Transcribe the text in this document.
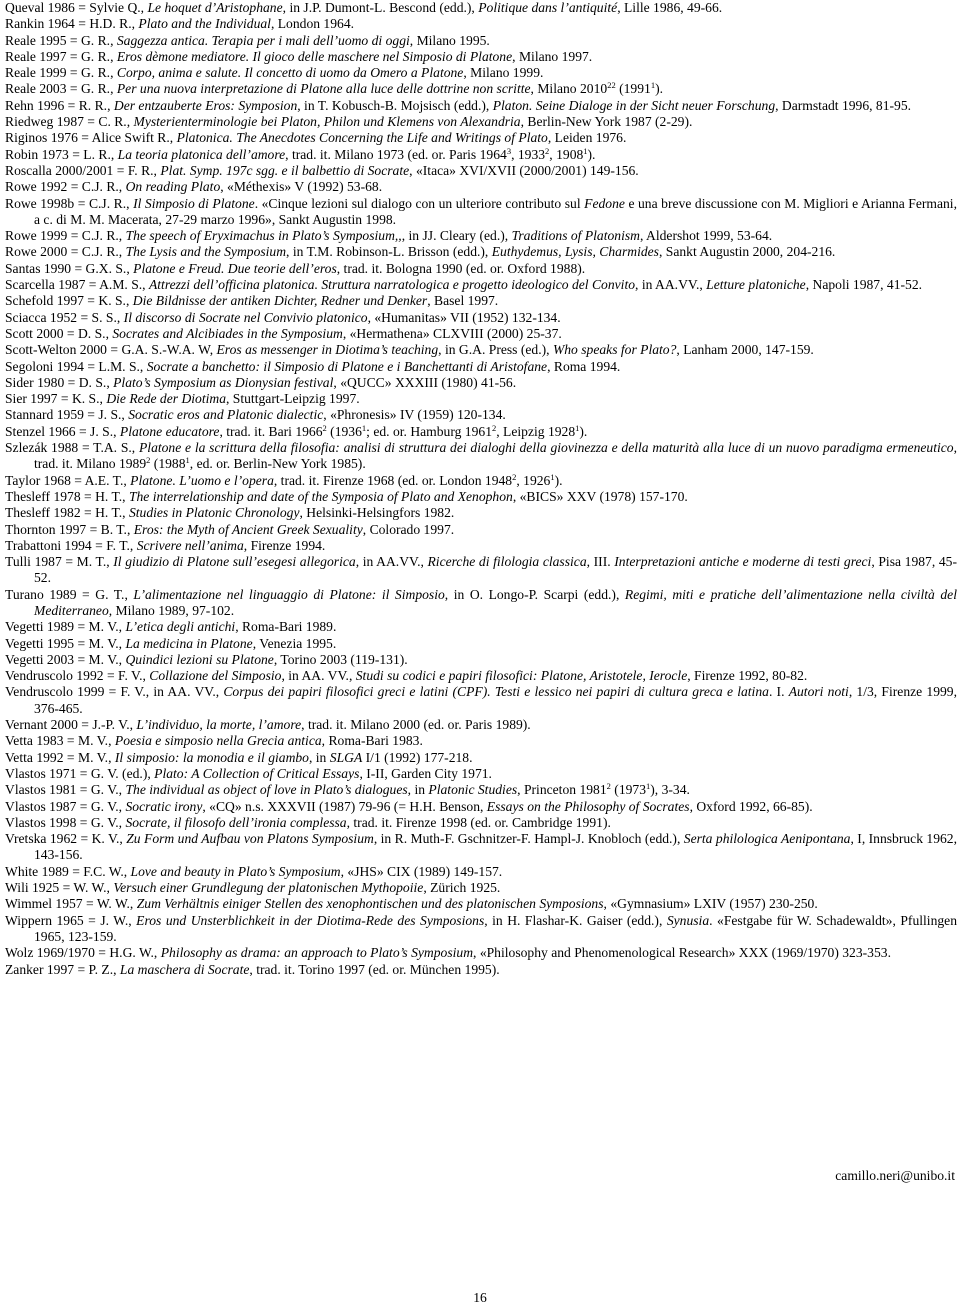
Queval 1986 = Sylvie Q., Le hoquet d’Aristophane, in J.P. Dumont-L. Bescond (edd.), Politique dans l’antiquité, Lille 1986, 49-66.

Rankin 1964 = H.D. R., Plato and the Individual, London 1964.

Reale 1995 = G. R., Saggezza antica. Terapia per i mali dell’uomo di oggi, Milano 1995.

Reale 1997 = G. R., Eros dèmone mediatore. Il gioco delle maschere nel Simposio di Platone, Milano 1997.

Reale 1999 = G. R., Corpo, anima e salute. Il concetto di uomo da Omero a Platone, Milano 1999.

Reale 2003 = G. R., Per una nuova interpretazione di Platone alla luce delle dottrine non scritte, Milano 2010$^{22}$ (1991$^1$).

Rehn 1996 = R. R., Der entzauberte Eros: Symposion, in T. Kobusch-B. Mojsisch (edd.), Platon. Seine Dialoge in der Sicht neuer Forschung, Darmstadt 1996, 81-95.

Riedweg 1987 = C. R., Mysterienterminologie bei Platon, Philon und Klemens von Alexandria, Berlin-New York 1987 (2-29).

Riginos 1976 = Alice Swift R., Platonica. The Anecdotes Concerning the Life and Writings of Plato, Leiden 1976.

Robin 1973 = L. R., La teoria platonica dell’amore, trad. it. Milano 1973 (ed. or. Paris 1964$^3$, 1933$^2$, 1908$^1$).

Roscalla 2000/2001 = F. R., Plat. Symp. 197c sgg. e il balbettio di Socrate, «Itaca» XVI/XVII (2000/2001) 149-156.

Rowe 1992 = C.J. R., On reading Plato, «Méthexis» V (1992) 53-68.

Rowe 1998b = C.J. R., Il Simposio di Platone. «Cinque lezioni sul dialogo con un ulteriore contributo sul Fedone e una breve discussione con M. Migliori e Arianna Fermani, a c. di M. M. Macerata, 27-29 marzo 1996», Sankt Augustin 1998.

Rowe 1999 = C.J. R., The speech of Eryximachus in Plato’s Symposium,,, in JJ. Cleary (ed.), Traditions of Platonism, Aldershot 1999, 53-64.

Rowe 2000 = C.J. R., The Lysis and the Symposium, in T.M. Robinson-L. Brisson (edd.), Euthydemus, Lysis, Charmides, Sankt Augustin 2000, 204-216.

Santas 1990 = G.X. S., Platone e Freud. Due teorie dell’eros, trad. it. Bologna 1990 (ed. or. Oxford 1988).

Scarcella 1987 = A.M. S., Attrezzi dell’officina platonica. Struttura narratologica e progetto ideologico del Convito, in AA.VV., Letture platoniche, Napoli 1987, 41-52.

Schefold 1997 = K. S., Die Bildnisse der antiken Dichter, Redner und Denker, Basel 1997.

Sciacca 1952 = S. S., Il discorso di Socrate nel Convivio platonico, «Humanitas» VII (1952) 132-134.

Scott 2000 = D. S., Socrates and Alcibiades in the Symposium, «Hermathena» CLXVIII (2000) 25-37.

Scott-Welton 2000 = G.A. S.-W.A. W, Eros as messenger in Diotima’s teaching, in G.A. Press (ed.), Who speaks for Plato?, Lanham 2000, 147-159.

Segoloni 1994 = L.M. S., Socrate a banchetto: il Simposio di Platone e i Banchettanti di Aristofane, Roma 1994.

Sider 1980 = D. S., Plato’s Symposium as Dionysian festival, «QUCC» XXXIII (1980) 41-56.

Sier 1997 = K. S., Die Rede der Diotima, Stuttgart-Leipzig 1997.

Stannard 1959 = J. S., Socratic eros and Platonic dialectic, «Phronesis» IV (1959) 120-134.

Stenzel 1966 = J. S., Platone educatore, trad. it. Bari 1966$^2$ (1936$^1$; ed. or. Hamburg 1961$^2$, Leipzig 1928$^1$).

Szlezák 1988 = T.A. S., Platone e la scrittura della filosofia: analisi di struttura dei dialoghi della giovinezza e della maturità alla luce di un nuovo paradigma ermeneutico, trad. it. Milano 1989$^2$ (1988$^1$, ed. or. Berlin-New York 1985).

Taylor 1968 = A.E. T., Platone. L’uomo e l’opera, trad. it. Firenze 1968 (ed. or. London 1948$^2$, 1926$^1$).

Thesleff 1978 = H. T., The interrelationship and date of the Symposia of Plato and Xenophon, «BICS» XXV (1978) 157-170.

Thesleff 1982 = H. T., Studies in Platonic Chronology, Helsinki-Helsingfors 1982.

Thornton 1997 = B. T., Eros: the Myth of Ancient Greek Sexuality, Colorado 1997.

Trabattoni 1994 = F. T., Scrivere nell’anima, Firenze 1994.

Tulli 1987 = M. T., Il giudizio di Platone sull’esegesi allegorica, in AA.VV., Ricerche di filologia classica, III. Interpretazioni antiche e moderne di testi greci, Pisa 1987, 45-52.

Turano 1989 = G. T., L’alimentazione nel linguaggio di Platone: il Simposio, in O. Longo-P. Scarpi (edd.), Regimi, miti e pratiche dell’alimentazione nella civiltà del Mediterraneo, Milano 1989, 97-102.

Vegetti 1989 = M. V., L’etica degli antichi, Roma-Bari 1989.

Vegetti 1995 = M. V., La medicina in Platone, Venezia 1995.

Vegetti 2003 = M. V., Quindici lezioni su Platone, Torino 2003 (119-131).

Vendruscolo 1992 = F. V., Collazione del Simposio, in AA. VV., Studi su codici e papiri filosofici: Platone, Aristotele, Ierocle, Firenze 1992, 80-82.

Vendruscolo 1999 = F. V., in AA. VV., Corpus dei papiri filosofici greci e latini (CPF). Testi e lessico nei papiri di cultura greca e latina. I. Autori noti, 1/3, Firenze 1999, 376-465.

Vernant 2000 = J.-P. V., L’individuo, la morte, l’amore, trad. it. Milano 2000 (ed. or. Paris 1989).

Vetta 1983 = M. V., Poesia e simposio nella Grecia antica, Roma-Bari 1983.

Vetta 1992 = M. V., Il simposio: la monodia e il giambo, in SLGA I/1 (1992) 177-218.

Vlastos 1971 = G. V. (ed.), Plato: A Collection of Critical Essays, I-II, Garden City 1971.

Vlastos 1981 = G. V., The individual as object of love in Plato’s dialogues, in Platonic Studies, Princeton 1981$^2$ (1973$^1$), 3-34.

Vlastos 1987 = G. V., Socratic irony, «CQ» n.s. XXXVII (1987) 79-96 (= H.H. Benson, Essays on the Philosophy of Socrates, Oxford 1992, 66-85).

Vlastos 1998 = G. V., Socrate, il filosofo dell’ironia complessa, trad. it. Firenze 1998 (ed. or. Cambridge 1991).

Vretska 1962 = K. V., Zu Form und Aufbau von Platons Symposium, in R. Muth-F. Gschnitzer-F. Hampl-J. Knobloch (edd.), Serta philologica Aenipontana, I, Innsbruck 1962, 143-156.

White 1989 = F.C. W., Love and beauty in Plato’s Symposium, «JHS» CIX (1989) 149-157.

Wili 1925 = W. W., Versuch einer Grundlegung der platonischen Mythopoiie, Zürich 1925.

Wimmel 1957 = W. W., Zum Verhältnis einiger Stellen des xenophontischen und des platonischen Symposions, «Gymnasium» LXIV (1957) 230-250.

Wippern 1965 = J. W., Eros und Unsterblichkeit in der Diotima-Rede des Symposions, in H. Flashar-K. Gaiser (edd.), Synusia. «Festgabe für W. Schadewaldt», Pfullingen 1965, 123-159.

Wolz 1969/1970 = H.G. W., Philosophy as drama: an approach to Plato’s Symposium, «Philosophy and Phenomenological Research» XXX (1969/1970) 323-353.

Zanker 1997 = P. Z., La maschera di Socrate, trad. it. Torino 1997 (ed. or. München 1995).

camillo.neri@unibo.it
16
